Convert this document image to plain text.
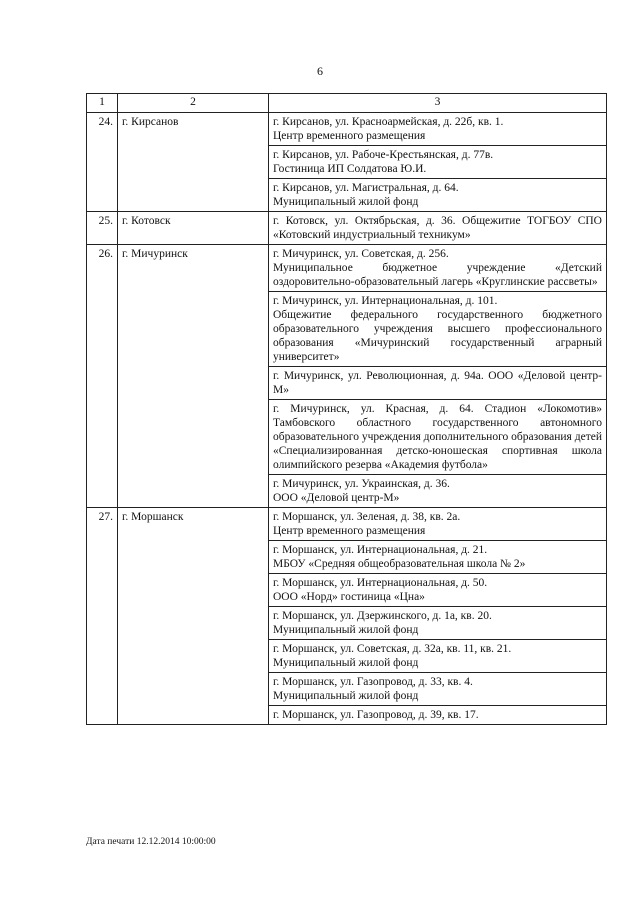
6
1	2	3
24.	г. Кирсанов	г. Кирсанов, ул. Красноармейская, д. 22б, кв. 1.
Центр временного размещения

		г. Кирсанов, ул. Рабоче-Крестьянская, д. 77в.
Гостиница ИП Солдатова Ю.И.

		г. Кирсанов, ул. Магистральная, д. 64.
Муниципальный жилой фонд

25.	г. Котовск	г. Котовск, ул. Октябрьская, д. 36. Общежитие ТОГБОУ СПО «Котовский индустриальный техникум»

26.	г. Мичуринск	г. Мичуринск, ул. Советская, д. 256.
Муниципальное бюджетное учреждение «Детский оздоровительно-образовательный лагерь «Круглинские рассветы»

		г. Мичуринск, ул. Интернациональная, д. 101.
Общежитие федерального государственного бюджетного образовательного учреждения высшего профессионального образования «Мичуринский государственный аграрный университет»

		г. Мичуринск, ул. Революционная, д. 94а. ООО «Деловой центр-М»

		г. Мичуринск, ул. Красная, д. 64. Стадион «Локомотив» Тамбовского областного государственного автономного образовательного учреждения дополнительного образования детей «Специализированная детско-юношеская спортивная школа олимпийского резерва «Академия футбола»

		г. Мичуринск, ул. Украинская, д. 36.
ООО «Деловой центр-М»

27.	г. Моршанск	г. Моршанск, ул. Зеленая, д. 38, кв. 2а.
Центр временного размещения

		г. Моршанск, ул. Интернациональная, д. 21.
МБОУ «Средняя общеобразовательная школа № 2»

		г. Моршанск, ул. Интернациональная, д. 50.
ООО «Норд» гостиница «Цна»

		г. Моршанск, ул. Дзержинского, д. 1а, кв. 20.
Муниципальный жилой фонд

		г. Моршанск, ул. Советская, д. 32а, кв. 11, кв. 21.
Муниципальный жилой фонд

		г. Моршанск, ул. Газопровод, д. 33, кв. 4.
Муниципальный жилой фонд

		г. Моршанск, ул. Газопровод, д. 39, кв. 17.
Дата печати 12.12.2014 10:00:00
